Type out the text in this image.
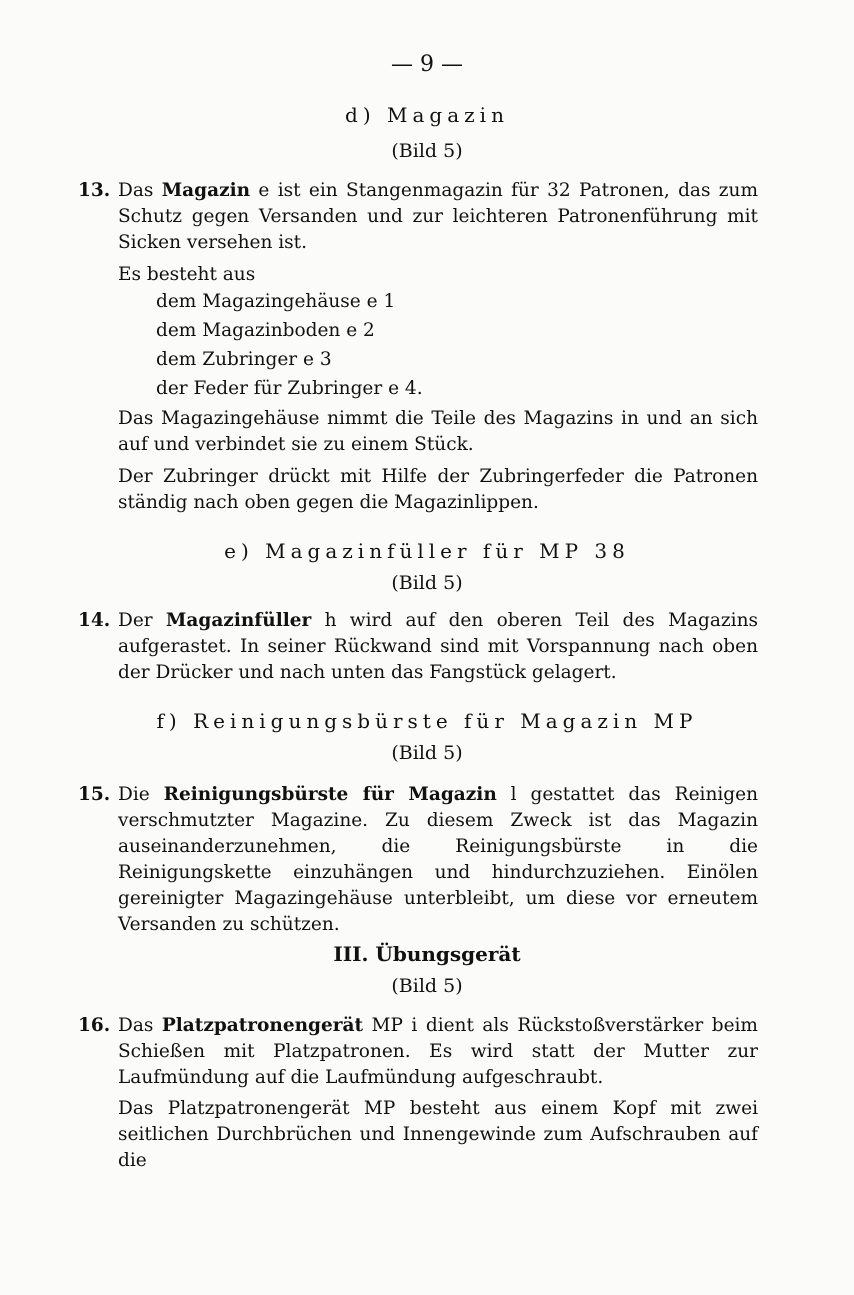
— 9 —
d) Magazin
(Bild 5)
13. Das Magazin e ist ein Stangenmagazin für 32 Patronen, das zum Schutz gegen Versanden und zur leichteren Patronenführung mit Sicken versehen ist.
Es besteht aus
dem Magazingehäuse e 1
dem Magazinboden e 2
dem Zubringer e 3
der Feder für Zubringer e 4.
Das Magazingehäuse nimmt die Teile des Magazins in und an sich auf und verbindet sie zu einem Stück.
Der Zubringer drückt mit Hilfe der Zubringerfeder die Patronen ständig nach oben gegen die Magazinlippen.
e) Magazinfüller für MP 38
(Bild 5)
14. Der Magazinfüller h wird auf den oberen Teil des Magazins aufgerastet. In seiner Rückwand sind mit Vorspannung nach oben der Drücker und nach unten das Fangstück gelagert.
f) Reinigungsbürste für Magazin MP
(Bild 5)
15. Die Reinigungsbürste für Magazin l gestattet das Reinigen verschmutzter Magazine. Zu diesem Zweck ist das Magazin auseinanderzunehmen, die Reinigungsbürste in die Reinigungskette einzuhängen und hindurchzuziehen. Einölen gereinigter Magazingehäuse unterbleibt, um diese vor erneutem Versanden zu schützen.
III. Übungsgerät
(Bild 5)
16. Das Platzpatronengerät MP i dient als Rückstoßverstärker beim Schießen mit Platzpatronen. Es wird statt der Mutter zur Laufmündung auf die Laufmündung aufgeschraubt.
Das Platzpatronengerät MP besteht aus einem Kopf mit zwei seitlichen Durchbrüchen und Innengewinde zum Aufschrauben auf die
